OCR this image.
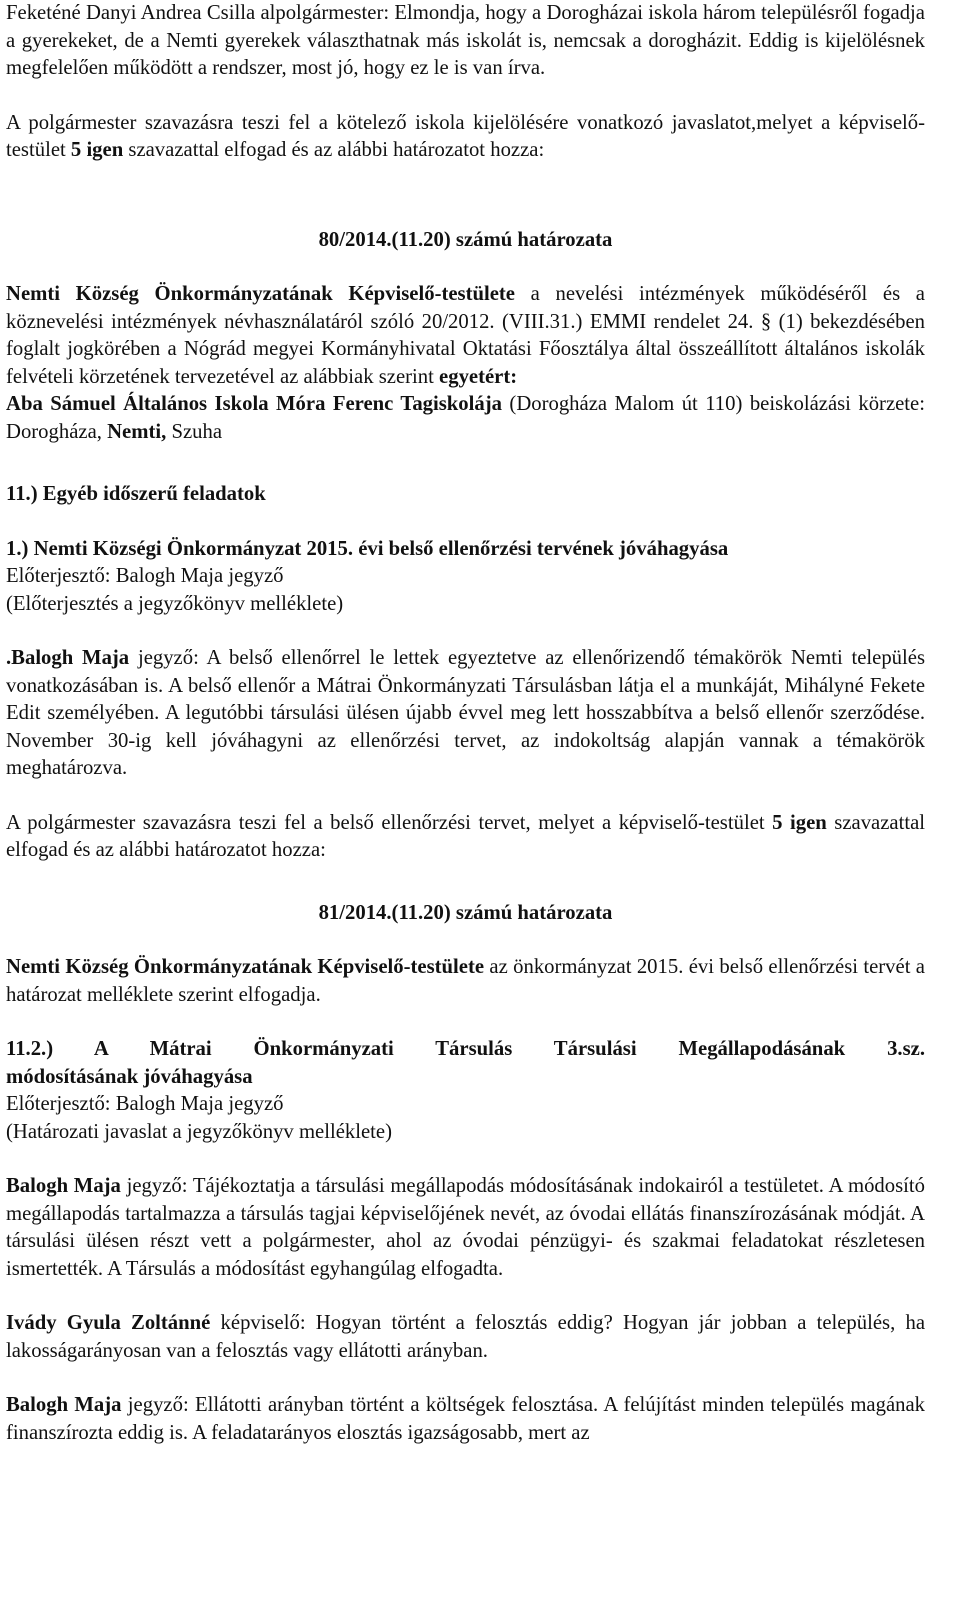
Feketéné Danyi Andrea Csilla alpolgármester: Elmondja, hogy a Dorogházai iskola három településről fogadja a gyerekeket, de a Nemti gyerekek választhatnak más iskolát is, nemcsak a dorogházit. Eddig is kijelölésnek megfelelően működött a rendszer, most jó, hogy ez le is van írva.

A polgármester szavazásra teszi fel a kötelező iskola kijelölésére vonatkozó javaslatot,melyet a képviselő-testület 5 igen szavazattal elfogad és az alábbi határozatot hozza:

80/2014.(11.20) számú határozata

Nemti Község Önkormányzatának Képviselő-testülete a nevelési intézmények működéséről és a köznevelési intézmények névhasználatáról szóló 20/2012. (VIII.31.) EMMI rendelet 24. § (1) bekezdésében foglalt jogkörében a Nógrád megyei Kormányhivatal Oktatási Főosztálya által összeállított általános iskolák felvételi körzetének tervezetével az alábbiak szerint egyetért:
Aba Sámuel Általános Iskola Móra Ferenc Tagiskolája (Dorogháza Malom út 110) beiskolázási körzete: Dorogháza, Nemti, Szuha

11.) Egyéb időszerű feladatok

1.) Nemti Községi Önkormányzat 2015. évi belső ellenőrzési tervének jóváhagyása

Előterjesztő: Balogh Maja jegyző

(Előterjesztés a jegyzőkönyv melléklete)

.Balogh Maja jegyző: A belső ellenőrrel le lettek egyeztetve az ellenőrizendő témakörök Nemti település vonatkozásában is. A belső ellenőr a Mátrai Önkormányzati Társulásban látja el a munkáját, Mihályné Fekete Edit személyében. A legutóbbi társulási ülésen újabb évvel meg lett hosszabbítva a belső ellenőr szerződése. November 30-ig kell jóváhagyni az ellenőrzési tervet, az indokoltság alapján vannak a témakörök meghatározva.

A polgármester szavazásra teszi fel a belső ellenőrzési tervet, melyet a képviselő-testület 5 igen szavazattal elfogad és az alábbi határozatot hozza:

81/2014.(11.20) számú határozata

Nemti Község Önkormányzatának Képviselő-testülete az önkormányzat 2015. évi belső ellenőrzési tervét a határozat melléklete szerint elfogadja.

11.2.) A Mátrai Önkormányzati Társulás Társulási Megállapodásának 3.sz.

módosításának jóváhagyása

Előterjesztő: Balogh Maja jegyző

(Határozati javaslat a jegyzőkönyv melléklete)

Balogh Maja jegyző: Tájékoztatja a társulási megállapodás módosításának indokairól a testületet. A módosító megállapodás tartalmazza a társulás tagjai képviselőjének nevét, az óvodai ellátás finanszírozásának módját. A társulási ülésen részt vett a polgármester, ahol az óvodai pénzügyi- és szakmai feladatokat részletesen ismertették. A Társulás a módosítást egyhangúlag elfogadta.

Ivády Gyula Zoltánné képviselő: Hogyan történt a felosztás eddig? Hogyan jár jobban a település, ha lakosságarányosan van a felosztás vagy ellátotti arányban.

Balogh Maja jegyző: Ellátotti arányban történt a költségek felosztása. A felújítást minden település magának finanszírozta eddig is. A feladatarányos elosztás igazságosabb, mert az
